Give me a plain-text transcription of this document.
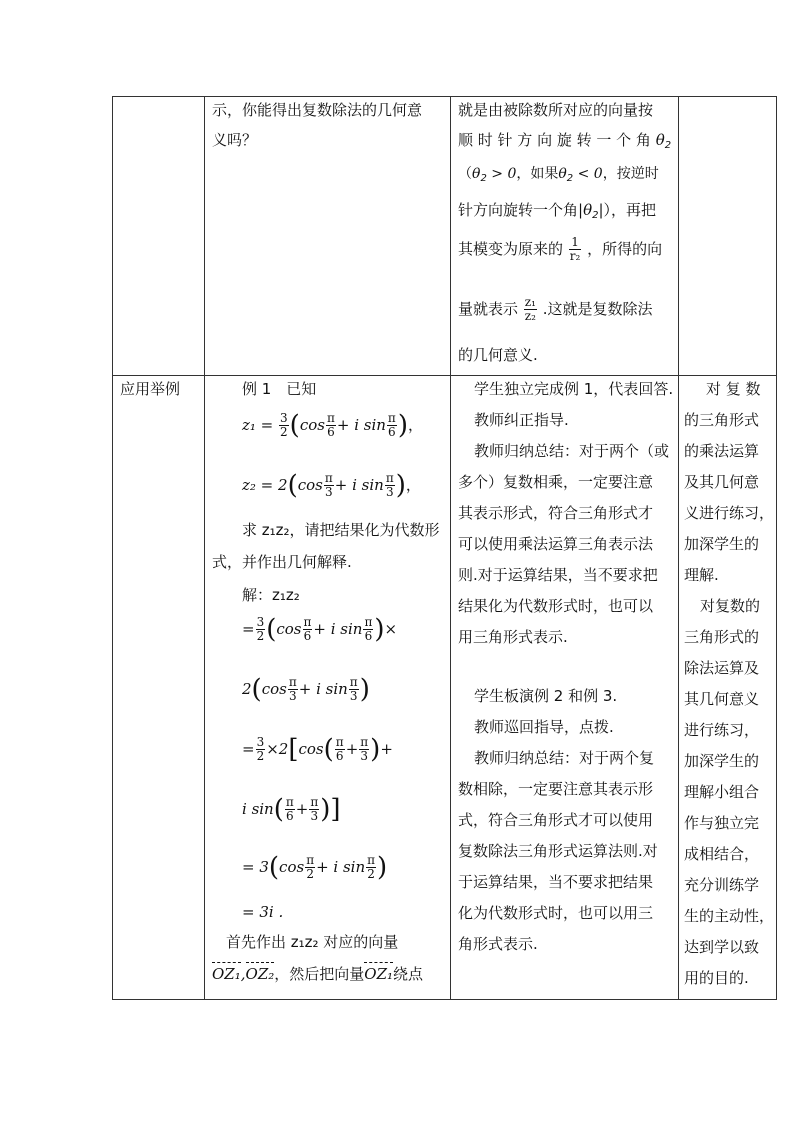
示，你能得出复数除法的几何意
义吗？
就是由被除数所对应的向量按
顺 时 针 方 向 旋 转 一 个 角 $\theta_2$
（$\theta_2 > 0$，如果$\theta_2 < 0$，按逆时
针方向旋转一个角$|\theta_2|$），再把
其模变为原来的 $\frac{1}{\text{r₂}}$ ，所得的向
量就表示 $\frac{\text{z₁}}{\text{z₂}}$ .这就是复数除法
的几何意义.
应用举例	例 1　已知
$z_1 = \frac{3}{2} (\cos \frac{\pi}{6} + i$ $\sin \frac{\pi}{6}$ )，
$z_2 = 2(\cos \frac{\pi}{3} + i$ $\sin \frac{\pi}{3}$ )，
求 z₁z₂，请把结果化为代数形
式，并作出几何解释.
解：z₁z₂
= $\frac{3}{2} (\cos \frac{\pi}{6} + i$ $\sin \frac{\pi}{6}$ )×
$2(\cos \frac{\pi}{3} + i$ $\sin \frac{\pi}{3}$ )
= $\frac{3}{2} \times 2[\cos( \frac{\pi}{6} + \frac{\pi}{3}$ )+
i $\sin( \frac{\pi}{6} + \frac{\pi}{3}$ )]
= $3(\cos \frac{\pi}{2} + i$ $\sin \frac{\pi}{2}$ )
= 3i .
首先作出 z₁z₂ 对应的向量
OZ₁,OZ₂，然后把向量OZ₁绕点
学生独立完成例 1，代表回答.
教师纠正指导.
教师归纳总结：对于两个（或
多个）复数相乘，一定要注意
其表示形式，符合三角形式才
可以使用乘法运算三角表示法
则.对于运算结果，当不要求把
结果化为代数形式时，也可以
用三角形式表示.
学生板演例 2 和例 3.
教师巡回指导，点拨.
教师归纳总结：对于两个复
数相除，一定要注意其表示形
式，符合三角形式才可以使用
复数除法三角形式运算法则.对
于运算结果，当不要求把结果
化为代数形式时，也可以用三
角形式表示.
对 复 数
的三角形式
的乘法运算
及其几何意
义进行练习，
加深学生的
理解.
对复数的
三角形式的
除法运算及
其几何意义
进行练习，
加深学生的
理解小组合
作与独立完
成相结合，
充分训练学
生的主动性，
达到学以致
用的目的.
